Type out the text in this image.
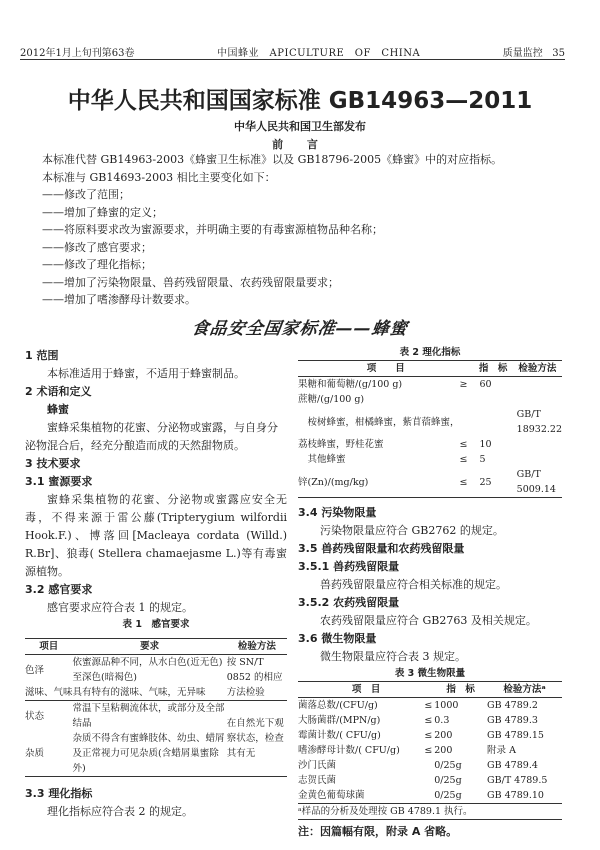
2012年1月上旬刊第63卷	中国蜂业　APICULTURE　OF　CHINA	质量监控 35
中华人民共和国国家标准 GB14963—2011
中华人民共和国卫生部发布
前 言
本标准代替 GB14963-2003《蜂蜜卫生标准》以及 GB18796-2005《蜂蜜》中的对应指标。
本标准与 GB14693-2003 相比主要变化如下：
——修改了范围；
——增加了蜂蜜的定义；
——将原料要求改为蜜源要求，并明确主要的有毒蜜源植物品种名称；
——修改了感官要求；
——修改了理化指标；
——增加了污染物限量、兽药残留限量、农药残留限量要求；
——增加了嗜渗酵母计数要求。
食品安全国家标准——蜂蜜
1 范围
本标准适用于蜂蜜，不适用于蜂蜜制品。
2 术语和定义
蜂蜜
蜜蜂采集植物的花蜜、分泌物或蜜露，与自身分泌物混合后，经充分酿造而成的天然甜物质。
3 技术要求
3.1 蜜源要求
蜜蜂采集植物的花蜜、分泌物或蜜露应安全无毒，不得来源于雷公藤(Tripterygium wilfordii Hook.F.)、博落回[Macleaya cordata (Willd.) R.Br]、狼毒( Stellera chamaejasme L.)等有毒蜜源植物。
3.2 感官要求
感官要求应符合表 1 的规定。
表 1　感官要求
项目	要求	检验方法
色泽	依蜜源品种不同，从水白色(近无色)至深色(暗褐色)	按 SN/T 0852 的相应方法检验
滋味、气味	具有特有的滋味、气味，无异味	
状态	常温下呈粘稠流体状，或部分及全部结晶	在自然光下观察状态，检查其有无
杂质	杂质不得含有蜜蜂肢体、幼虫、蜡屑及正常视力可见杂质(含蜡屑巢蜜除外)	
3.3 理化指标
理化指标应符合表 2 的规定。
表 2 理化指标
项　　目		指　标	检验方法
果糖和葡萄糖/(g/100 g)	≥	60		
蔗糖/(g/100 g)				
　桉树蜂蜜，柑橘蜂蜜，紫苜蓿蜂蜜，				GB/T 18932.22
荔枝蜂蜜，野桂花蜜	≤	10		
　其他蜂蜜	≤	5		
锌(Zn)/(mg/kg)	≤	25		GB/T 5009.14
3.4 污染物限量
污染物限量应符合 GB2762 的规定。
3.5 兽药残留限量和农药残留限量
3.5.1 兽药残留限量
兽药残留限量应符合相关标准的规定。
3.5.2 农药残留限量
农药残留限量应符合 GB2763 及相关规定。
3.6 微生物限量
微生物限量应符合表 3 规定。
表 3 微生物限量
项　目		指　标	检验方法ᵃ
菌落总数/(CFU/g)	≤	1000	GB 4789.2
大肠菌群/(MPN/g)	≤	0.3	GB 4789.3
霉菌计数/( CFU/g)	≤	200	GB 4789.15
嗜渗酵母计数/( CFU/g)	≤	200	附录 A
沙门氏菌		0/25g	GB 4789.4
志贺氏菌		0/25g	GB/T 4789.5
金黄色葡萄球菌		0/25g	GB 4789.10
ᵃ样品的分析及处理按 GB 4789.1 执行。
注：因篇幅有限，附录 A 省略。
